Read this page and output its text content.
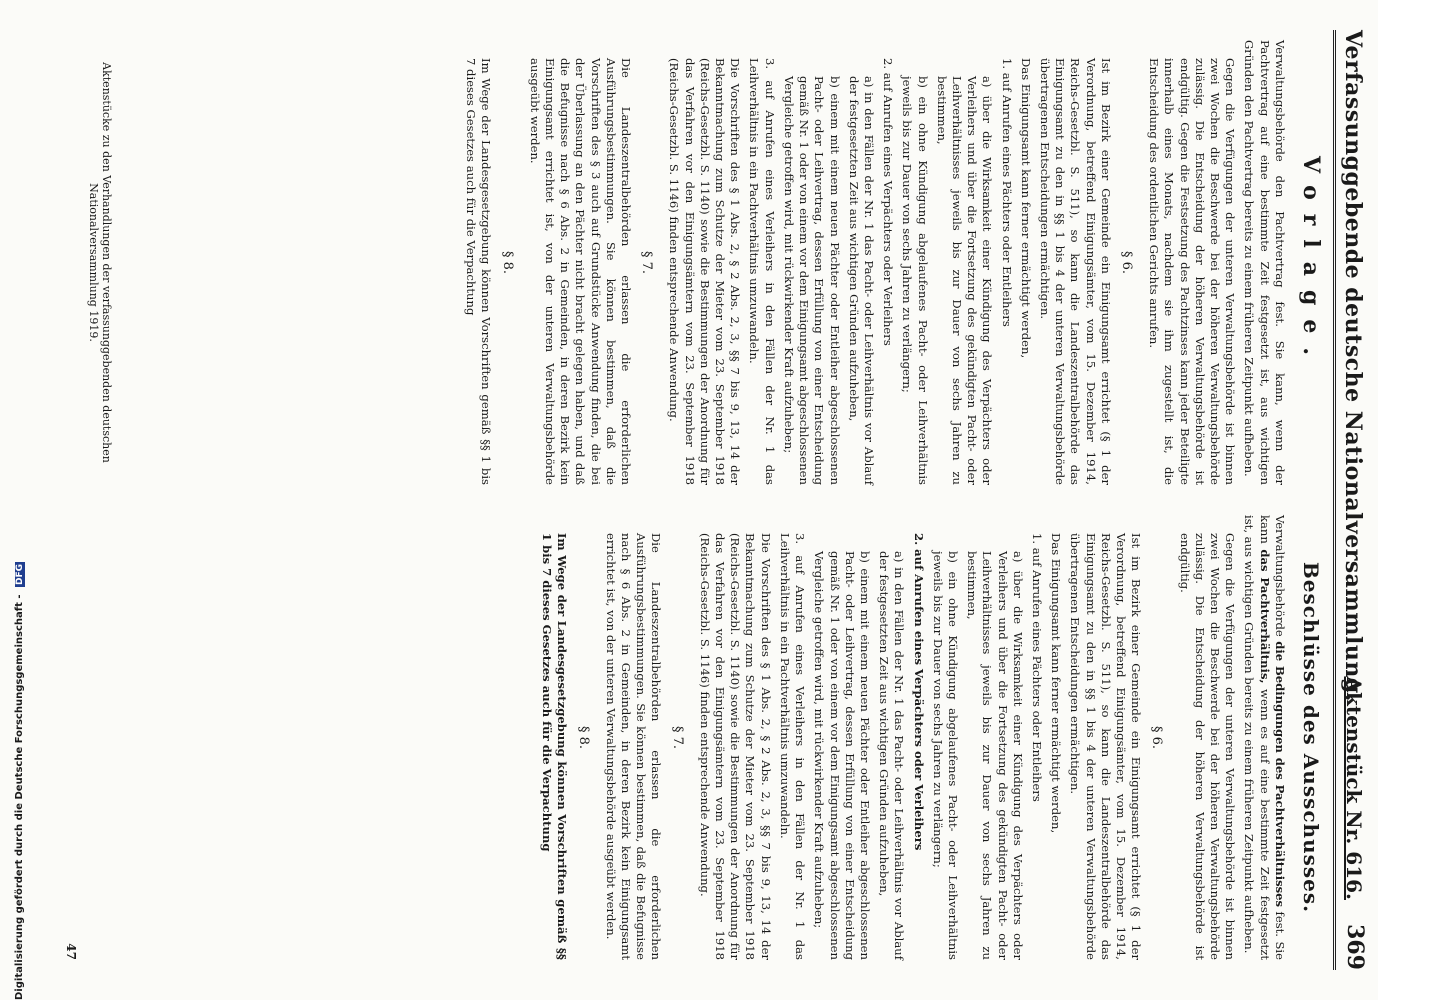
Verfassunggebende deutsche Nationalversammlung.
Aktenstück Nr. 616.
369
Vorlage.

Verwaltungsbehörde den Pachtvertrag fest. Sie kann, wenn der Pachtvertrag auf eine bestimmte Zeit festgesetzt ist, aus wichtigen Gründen den Pachtvertrag bereits zu einem früheren Zeitpunkt aufheben.

Gegen die Verfügungen der unteren Verwaltungsbehörde ist binnen zwei Wochen die Beschwerde bei der höheren Verwaltungsbehörde zulässig. Die Entscheidung der höheren Verwaltungsbehörde ist endgültig. Gegen die Festsetzung des Pachtzinses kann jeder Beteiligte innerhalb eines Monats, nachdem sie ihm zugestellt ist, die Entscheidung des ordentlichen Gerichts anrufen.

§ 6.

Ist im Bezirk einer Gemeinde ein Einigungsamt errichtet (§ 1 der Verordnung, betreffend Einigungsämter, vom 15. Dezember 1914, Reichs-Gesetzbl. S. 511), so kann die Landeszentralbehörde das Einigungsamt zu den in §§ 1 bis 4 der unteren Verwaltungsbehörde übertragenen Entscheidungen ermächtigen.

Das Einigungsamt kann ferner ermächtigt werden,

1. auf Anrufen eines Pächters oder Entleihers

a) über die Wirksamkeit einer Kündigung des Verpächters oder Verleihers und über die Fortsetzung des gekündigten Pacht- oder Leihverhältnisses jeweils bis zur Dauer von sechs Jahren zu bestimmen,

b) ein ohne Kündigung abgelaufenes Pacht- oder Leihverhältnis jeweils bis zur Dauer von sechs Jahren zu verlängern;

2. auf Anrufen eines Verpächters oder Verleihers

a) in den Fällen der Nr. 1 das Pacht- oder Leihverhältnis vor Ablauf der festgesetzten Zeit aus wichtigen Gründen aufzuheben,

b) einem mit einem neuen Pächter oder Entleiher abgeschlossenen Pacht- oder Leihvertrag, dessen Erfüllung von einer Entscheidung gemäß Nr. 1 oder von einem vor dem Einigungsamt abgeschlossenen Vergleiche getroffen wird, mit rückwirkender Kraft aufzuheben;

3. auf Anrufen eines Verleihers in den Fällen der Nr. 1 das Leihverhältnis in ein Pachtverhältnis umzuwandeln.

Die Vorschriften des § 1 Abs. 2, § 2 Abs. 2, 3, §§ 7 bis 9, 13, 14 der Bekanntmachung zum Schutze der Mieter vom 23. September 1918 (Reichs-Gesetzbl. S. 1140) sowie die Bestimmungen der Anordnung für das Verfahren vor den Einigungsämtern vom 23. September 1918 (Reichs-Gesetzbl. S. 1146) finden entsprechende Anwendung.

§ 7.

Die Landeszentralbehörden erlassen die erforderlichen Ausführungsbestimmungen. Sie können bestimmen, daß die Vorschriften des § 3 auch auf Grundstücke Anwendung finden, die bei der Überlassung an den Pächter nicht bracht gelegen haben, und daß die Befugnisse nach § 6 Abs. 2 in Gemeinden, in deren Bezirk kein Einigungsamt errichtet ist, von der unteren Verwaltungsbehörde ausgeübt werden.

§ 8.

Im Wege der Landesgesetzgebung können Vorschriften gemäß §§ 1 bis 7 dieses Gesetzes auch für die Verpachtung

Beschlüsse des Ausschusses.

Verwaltungsbehörde die Bedingungen des Pachtverhältnisses fest. Sie kann das Pachtverhältnis, wenn es auf eine bestimmte Zeit festgesetzt ist, aus wichtigen Gründen bereits zu einem früheren Zeitpunkt aufheben.

Gegen die Verfügungen der unteren Verwaltungsbehörde ist binnen zwei Wochen die Beschwerde bei der höheren Verwaltungsbehörde zulässig. Die Entscheidung der höheren Verwaltungsbehörde ist endgültig.

§ 6.

Ist im Bezirk einer Gemeinde ein Einigungsamt errichtet (§ 1 der Verordnung, betreffend Einigungsämter, vom 15. Dezember 1914, Reichs-Gesetzbl. S. 511), so kann die Landeszentralbehörde das Einigungsamt zu den in §§ 1 bis 4 der unteren Verwaltungsbehörde übertragenen Entscheidungen ermächtigen.

Das Einigungsamt kann ferner ermächtigt werden,

1. auf Anrufen eines Pächters oder Entleihers

a) über die Wirksamkeit einer Kündigung des Verpächters oder Verleihers und über die Fortsetzung des gekündigten Pacht- oder Leihverhältnisses jeweils bis zur Dauer von sechs Jahren zu bestimmen,

b) ein ohne Kündigung abgelaufenes Pacht- oder Leihverhältnis jeweils bis zur Dauer von sechs Jahren zu verlängern;

2. auf Anrufen eines Verpächters oder Verleihers

a) in den Fällen der Nr. 1 das Pacht- oder Leihverhältnis vor Ablauf der festgesetzten Zeit aus wichtigen Gründen aufzuheben,

b) einem mit einem neuen Pächter oder Entleiher abgeschlossenen Pacht- oder Leihvertrag, dessen Erfüllung von einer Entscheidung gemäß Nr. 1 oder von einem vor dem Einigungsamt abgeschlossenen Vergleiche getroffen wird, mit rückwirkender Kraft aufzuheben;

3. auf Anrufen eines Verleihers in den Fällen der Nr. 1 das Leihverhältnis in ein Pachtverhältnis umzuwandeln.

Die Vorschriften des § 1 Abs. 2, § 2 Abs. 2, 3, §§ 7 bis 9, 13, 14 der Bekanntmachung zum Schutze der Mieter vom 23. September 1918 (Reichs-Gesetzbl. S. 1140) sowie die Bestimmungen der Anordnung für das Verfahren vor den Einigungsämtern vom 23. September 1918 (Reichs-Gesetzbl. S. 1146) finden entsprechende Anwendung.

§ 7.

Die Landeszentralbehörden erlassen die erforderlichen Ausführungsbestimmungen. Sie können bestimmen, daß die Befugnisse nach § 6 Abs. 2 in Gemeinden, in deren Bezirk kein Einigungsamt errichtet ist, von der unteren Verwaltungsbehörde ausgeübt werden.

§ 8.

Im Wege der Landesgesetzgebung können Vorschriften gemäß §§ 1 bis 7 dieses Gesetzes auch für die Verpachtung

Aktenstücke zu den Verhandlungen der verfassunggebenden deutschen Nationalversammlung 1919.
47
Digitalisierung gefördert durch die Deutsche Forschungsgemeinschaft - DFG
